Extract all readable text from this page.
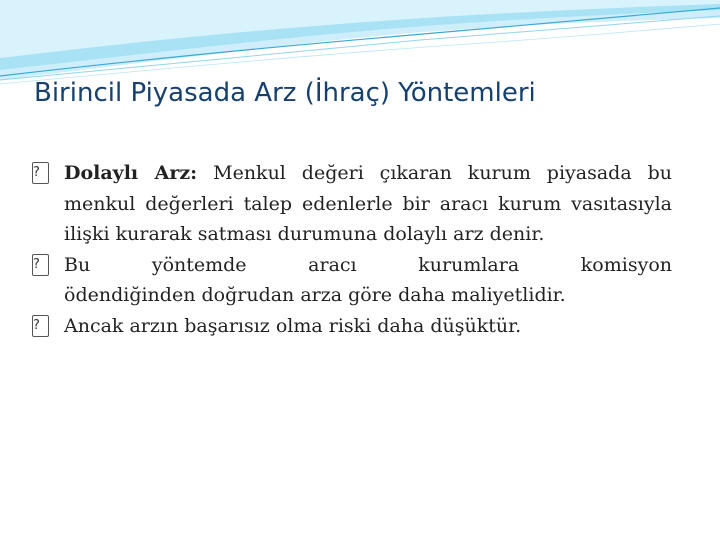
Birincil Piyasada Arz (İhraç) Yöntemleri
?	Dolaylı Arz: Menkul değeri çıkaran kurum piyasada bu menkul değerleri talep edenlerle bir aracı kurum vasıtasıyla ilişki kurarak satması durumuna dolaylı arz denir.
?	Bu yöntemde aracı kurumlara komisyon
ödendiğinden doğrudan arza göre daha maliyetlidir.
?	Ancak arzın başarısız olma riski daha düşüktür.
